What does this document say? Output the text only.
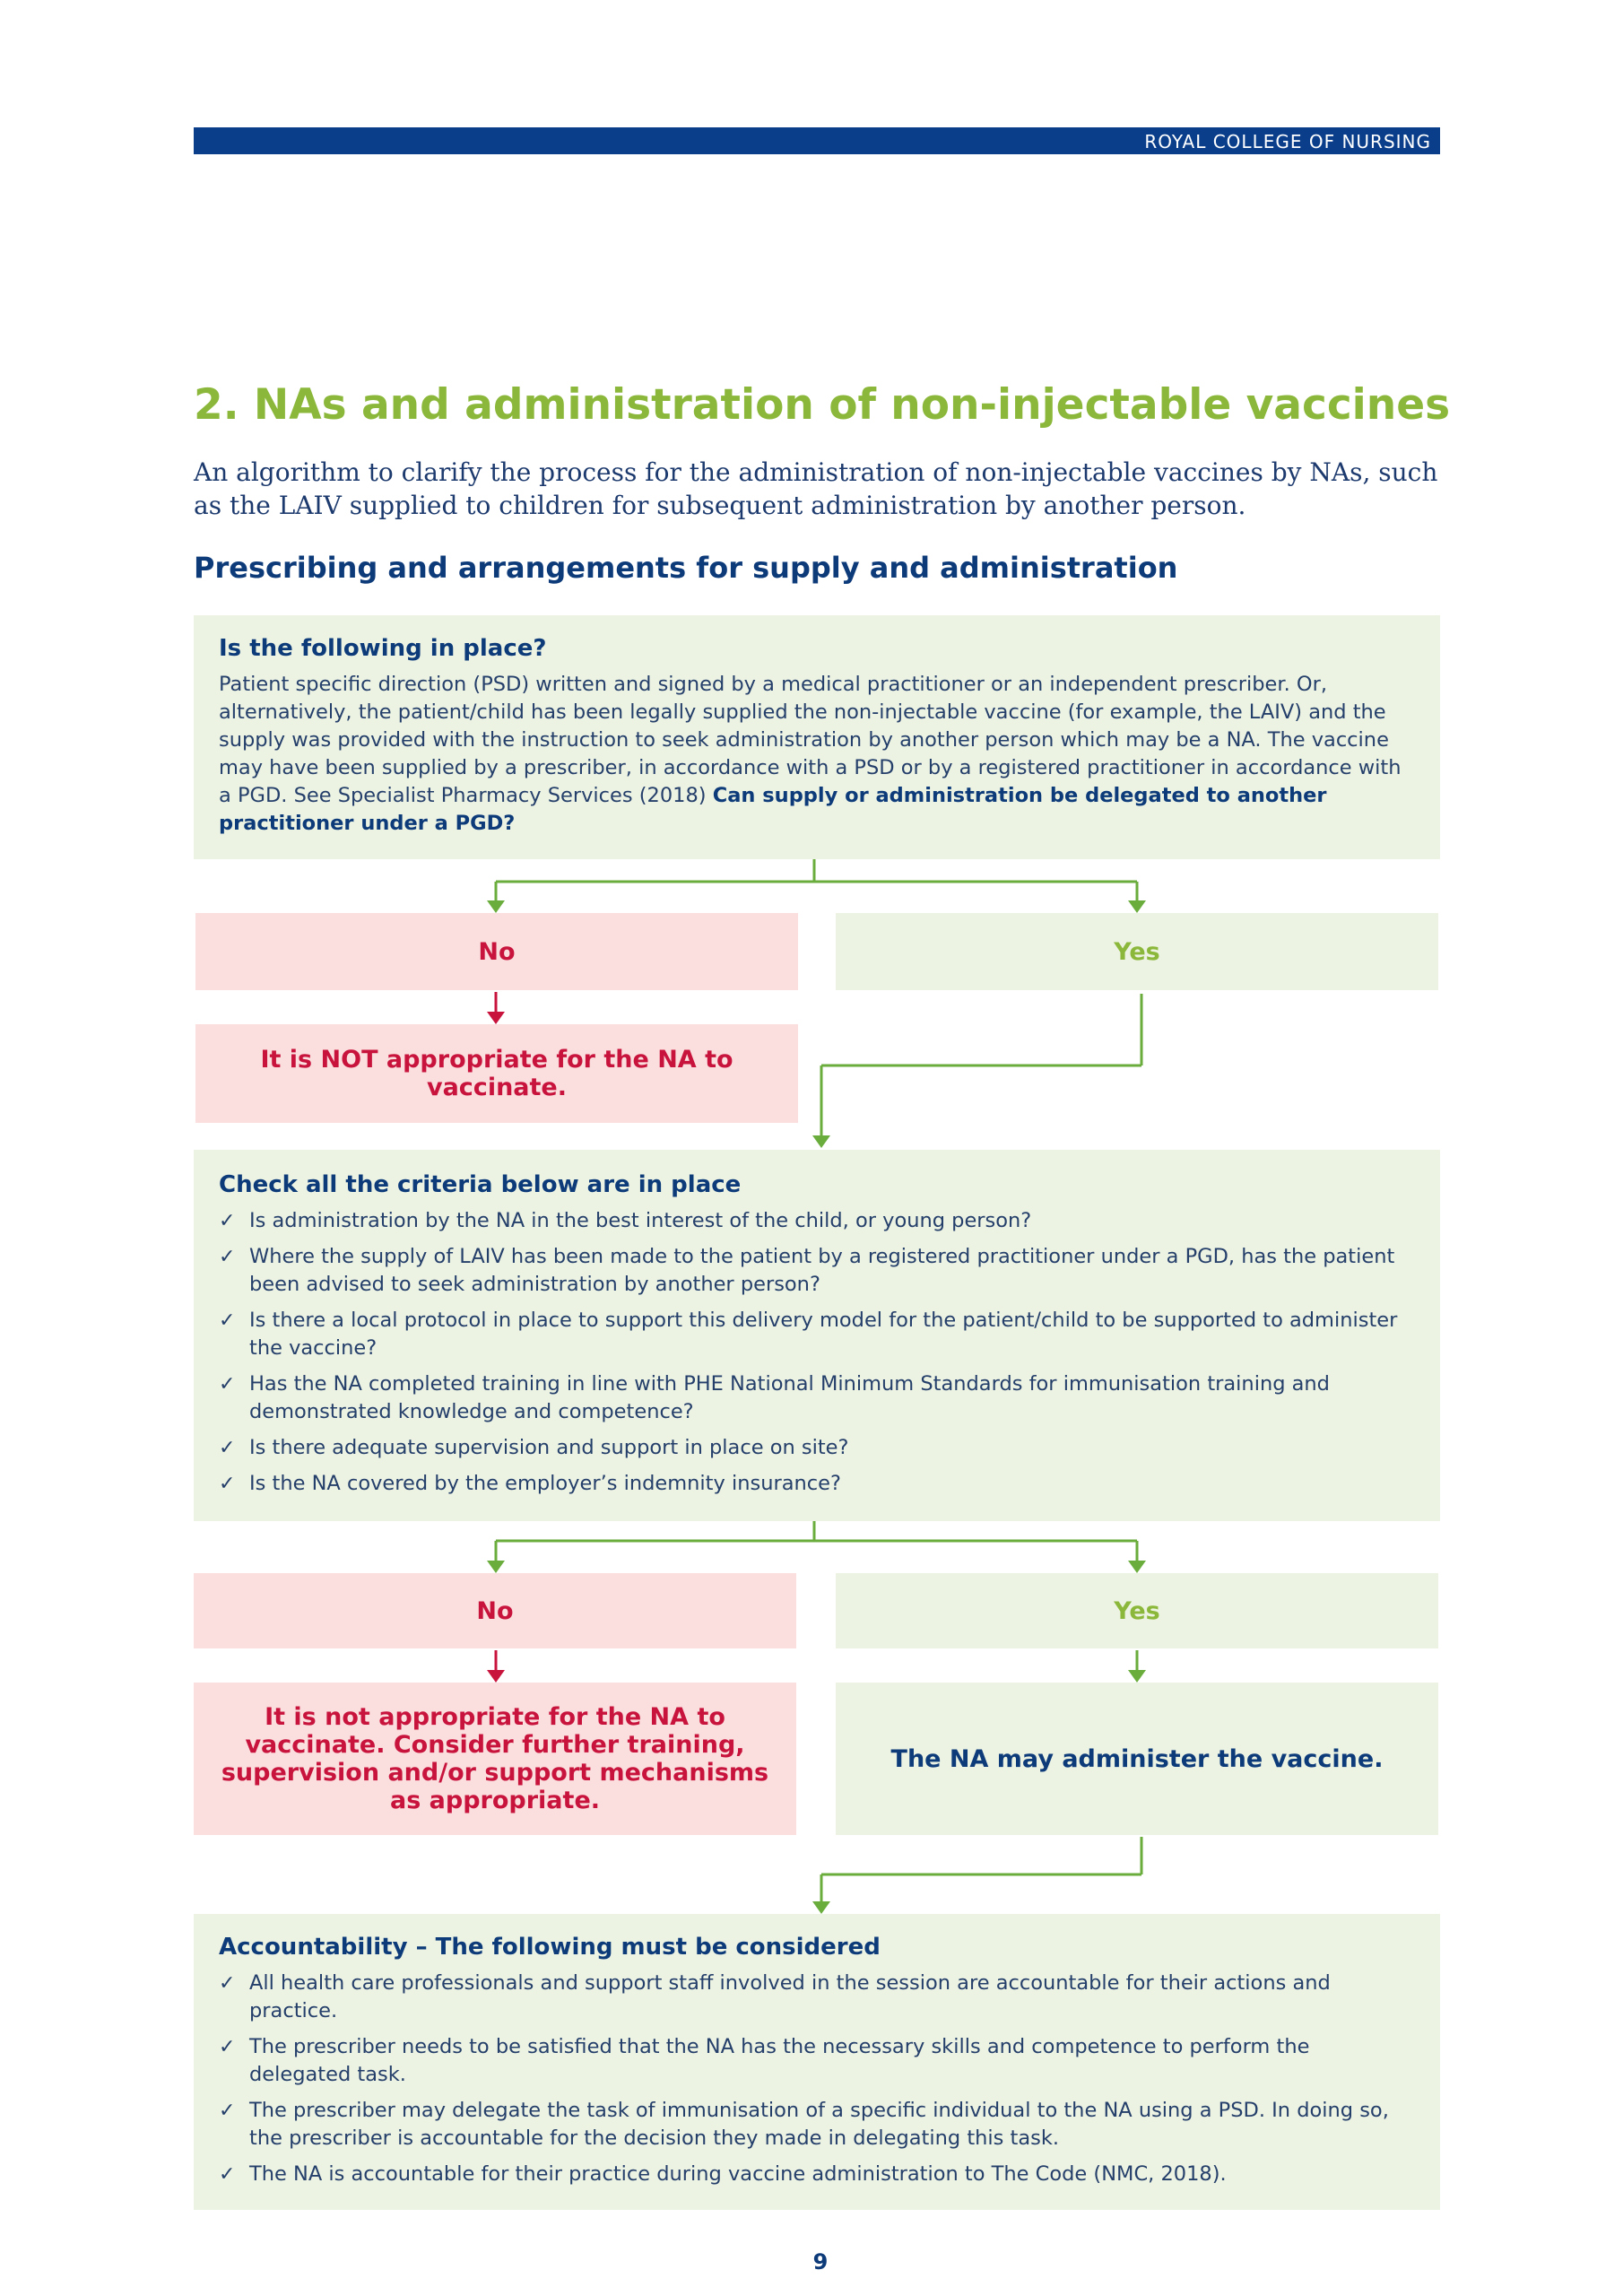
ROYAL COLLEGE OF NURSING
2. NAs and administration of non-injectable vaccines

An algorithm to clarify the process for the administration of non-injectable vaccines by NAs, such as the LAIV supplied to children for subsequent administration by another person.

Prescribing and arrangements for supply and administration
Is the following in place?

Patient specific direction (PSD) written and signed by a medical practitioner or an independent prescriber. Or, alternatively, the patient/child has been legally supplied the non-injectable vaccine (for example, the LAIV) and the supply was provided with the instruction to seek administration by another person which may be a NA. The vaccine may have been supplied by a prescriber, in accordance with a PSD or by a registered practitioner in accordance with a PGD. See Specialist Pharmacy Services (2018) Can supply or administration be delegated to another practitioner under a PGD?

No	Yes
It is NOT appropriate for the NA to vaccinate.
Check all the criteria below are in place
✓ Is administration by the NA in the best interest of the child, or young person?
✓ Where the supply of LAIV has been made to the patient by a registered practitioner under a PGD, has the patient been advised to seek administration by another person?
✓ Is there a local protocol in place to support this delivery model for the patient/child to be supported to administer the vaccine?
✓ Has the NA completed training in line with PHE National Minimum Standards for immunisation training and demonstrated knowledge and competence?
✓ Is there adequate supervision and support in place on site?
✓ Is the NA covered by the employer’s indemnity insurance?
No	Yes
It is not appropriate for the NA to vaccinate. Consider further training, supervision and/or support mechanisms as appropriate.
The NA may administer the vaccine.
Accountability – The following must be considered
✓ All health care professionals and support staff involved in the session are accountable for their actions and practice.
✓ The prescriber needs to be satisfied that the NA has the necessary skills and competence to perform the delegated task.
✓ The prescriber may delegate the task of immunisation of a specific individual to the NA using a PSD. In doing so, the prescriber is accountable for the decision they made in delegating this task.
✓ The NA is accountable for their practice during vaccine administration to The Code (NMC, 2018).
9
